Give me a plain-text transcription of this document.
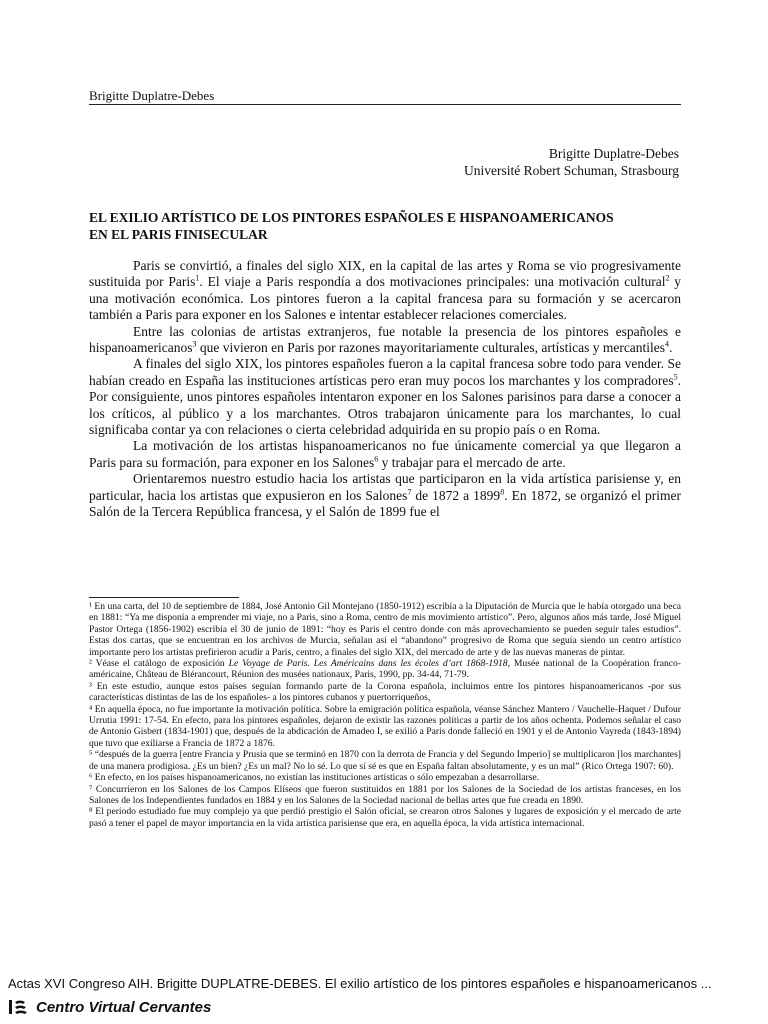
Brigitte Duplatre-Debes
Brigitte Duplatre-Debes
Université Robert Schuman, Strasbourg
EL EXILIO ARTÍSTICO DE LOS PINTORES ESPAÑOLES E HISPANOAMERICANOS
EN EL PARIS FINISECULAR

Paris se convirtió, a finales del siglo XIX, en la capital de las artes y Roma se vio progresivamente sustituida por Paris$^1$. El viaje a Paris respondía a dos motivaciones principales: una motivación cultural$^2$ y una motivación económica. Los pintores fueron a la capital francesa para su formación y se acercaron también a Paris para exponer en los Salones e intentar establecer relaciones comerciales.

Entre las colonias de artistas extranjeros, fue notable la presencia de los pintores españoles e hispanoamericanos$^3$ que vivieron en Paris por razones mayoritariamente culturales, artísticas y mercantiles$^4$.

A finales del siglo XIX, los pintores españoles fueron a la capital francesa sobre todo para vender. Se habían creado en España las instituciones artísticas pero eran muy pocos los marchantes y los compradores$^5$. Por consiguiente, unos pintores españoles intentaron exponer en los Salones parisinos para darse a conocer a los críticos, al público y a los marchantes. Otros trabajaron únicamente para los marchantes, lo cual significaba contar ya con relaciones o cierta celebridad adquirida en su propio país o en Roma.

La motivación de los artistas hispanoamericanos no fue únicamente comercial ya que llegaron a Paris para su formación, para exponer en los Salones$^6$ y trabajar para el mercado de arte.

Orientaremos nuestro estudio hacia los artistas que participaron en la vida artística parisiense y, en particular, hacia los artistas que expusieron en los Salones$^7$ de 1872 a 1899$^8$. En 1872, se organizó el primer Salón de la Tercera República francesa, y el Salón de 1899 fue el

¹ En una carta, del 10 de septiembre de 1884, José Antonio Gil Montejano (1850-1912) escribía a la Diputación de Murcia que le había otorgado una beca en 1881: “Ya me disponía a emprender mi viaje, no a Paris, sino a Roma, centro de mis movimiento artístico”. Pero, algunos años más tarde, José Miguel Pastor Ortega (1856-1902) escribía el 30 de junio de 1891: “hoy es Paris el centro donde con más aprovechamiento se pueden seguir tales estudios”. Estas dos cartas, que se encuentran en los archivos de Murcia, señalan así el “abandono” progresivo de Roma que seguía siendo un centro artístico importante pero los artistas prefirieron acudir a Paris, centro, a finales del siglo XIX, del mercado de arte y de las nuevas maneras de pintar.
² Véase el catálogo de exposición Le Voyage de Paris. Les Américains dans les écoles d’art 1868-1918, Musée national de la Coopération franco-américaine, Château de Blérancourt, Réunion des musées nationaux, Paris, 1990, pp. 34-44, 71-79.
³ En este estudio, aunque estos países seguían formando parte de la Corona española, incluimos entre los pintores hispanoamericanos -por sus características distintas de las de los españoles- a los pintores cubanos y puertorriqueños,
⁴ En aquella época, no fue importante la motivación política. Sobre la emigración política española, véanse Sánchez Mantero / Vauchelle-Haquet / Dufour Urrutia 1991: 17-54. En efecto, para los pintores españoles, dejaron de existir las razones políticas a partir de los años ochenta. Podemos señalar el caso de Antonio Gisbert (1834-1901) que, después de la abdicación de Amadeo I, se exilió a Paris donde falleció en 1901 y el de Antonio Vayreda (1843-1894) que tuvo que exiliarse a Francia de 1872 a 1876.
⁵ “después de la guerra [entre Francia y Prusia que se terminó en 1870 con la derrota de Francia y del Segundo Imperio] se multiplicaron [los marchantes] de una manera prodigiosa. ¿Es un bien? ¿Es un mal? No lo sé. Lo que sí sé es que en España faltan absolutamente, y es un mal” (Rico Ortega 1907: 60).
⁶ En efecto, en los países hispanoamericanos, no existían las instituciones artísticas o sólo empezaban a desarrollarse.
⁷ Concurrieron en los Salones de los Campos Elíseos que fueron sustituidos en 1881 por los Salones de la Sociedad de los artistas franceses, en los Salones de los Independientes fundados en 1884 y en los Salones de la Sociedad nacional de bellas artes que fue creada en 1890.
⁸ El período estudiado fue muy complejo ya que perdió prestigio el Salón oficial, se crearon otros Salones y lugares de exposición y el mercado de arte pasó a tener el papel de mayor importancia en la vida artística parisiense que era, en aquella época, la vida artística internacional.
Actas XVI Congreso AIH. Brigitte DUPLATRE-DEBES. El exilio artístico de los pintores españoles e hispanoamericanos ...
Centro Virtual Cervantes
